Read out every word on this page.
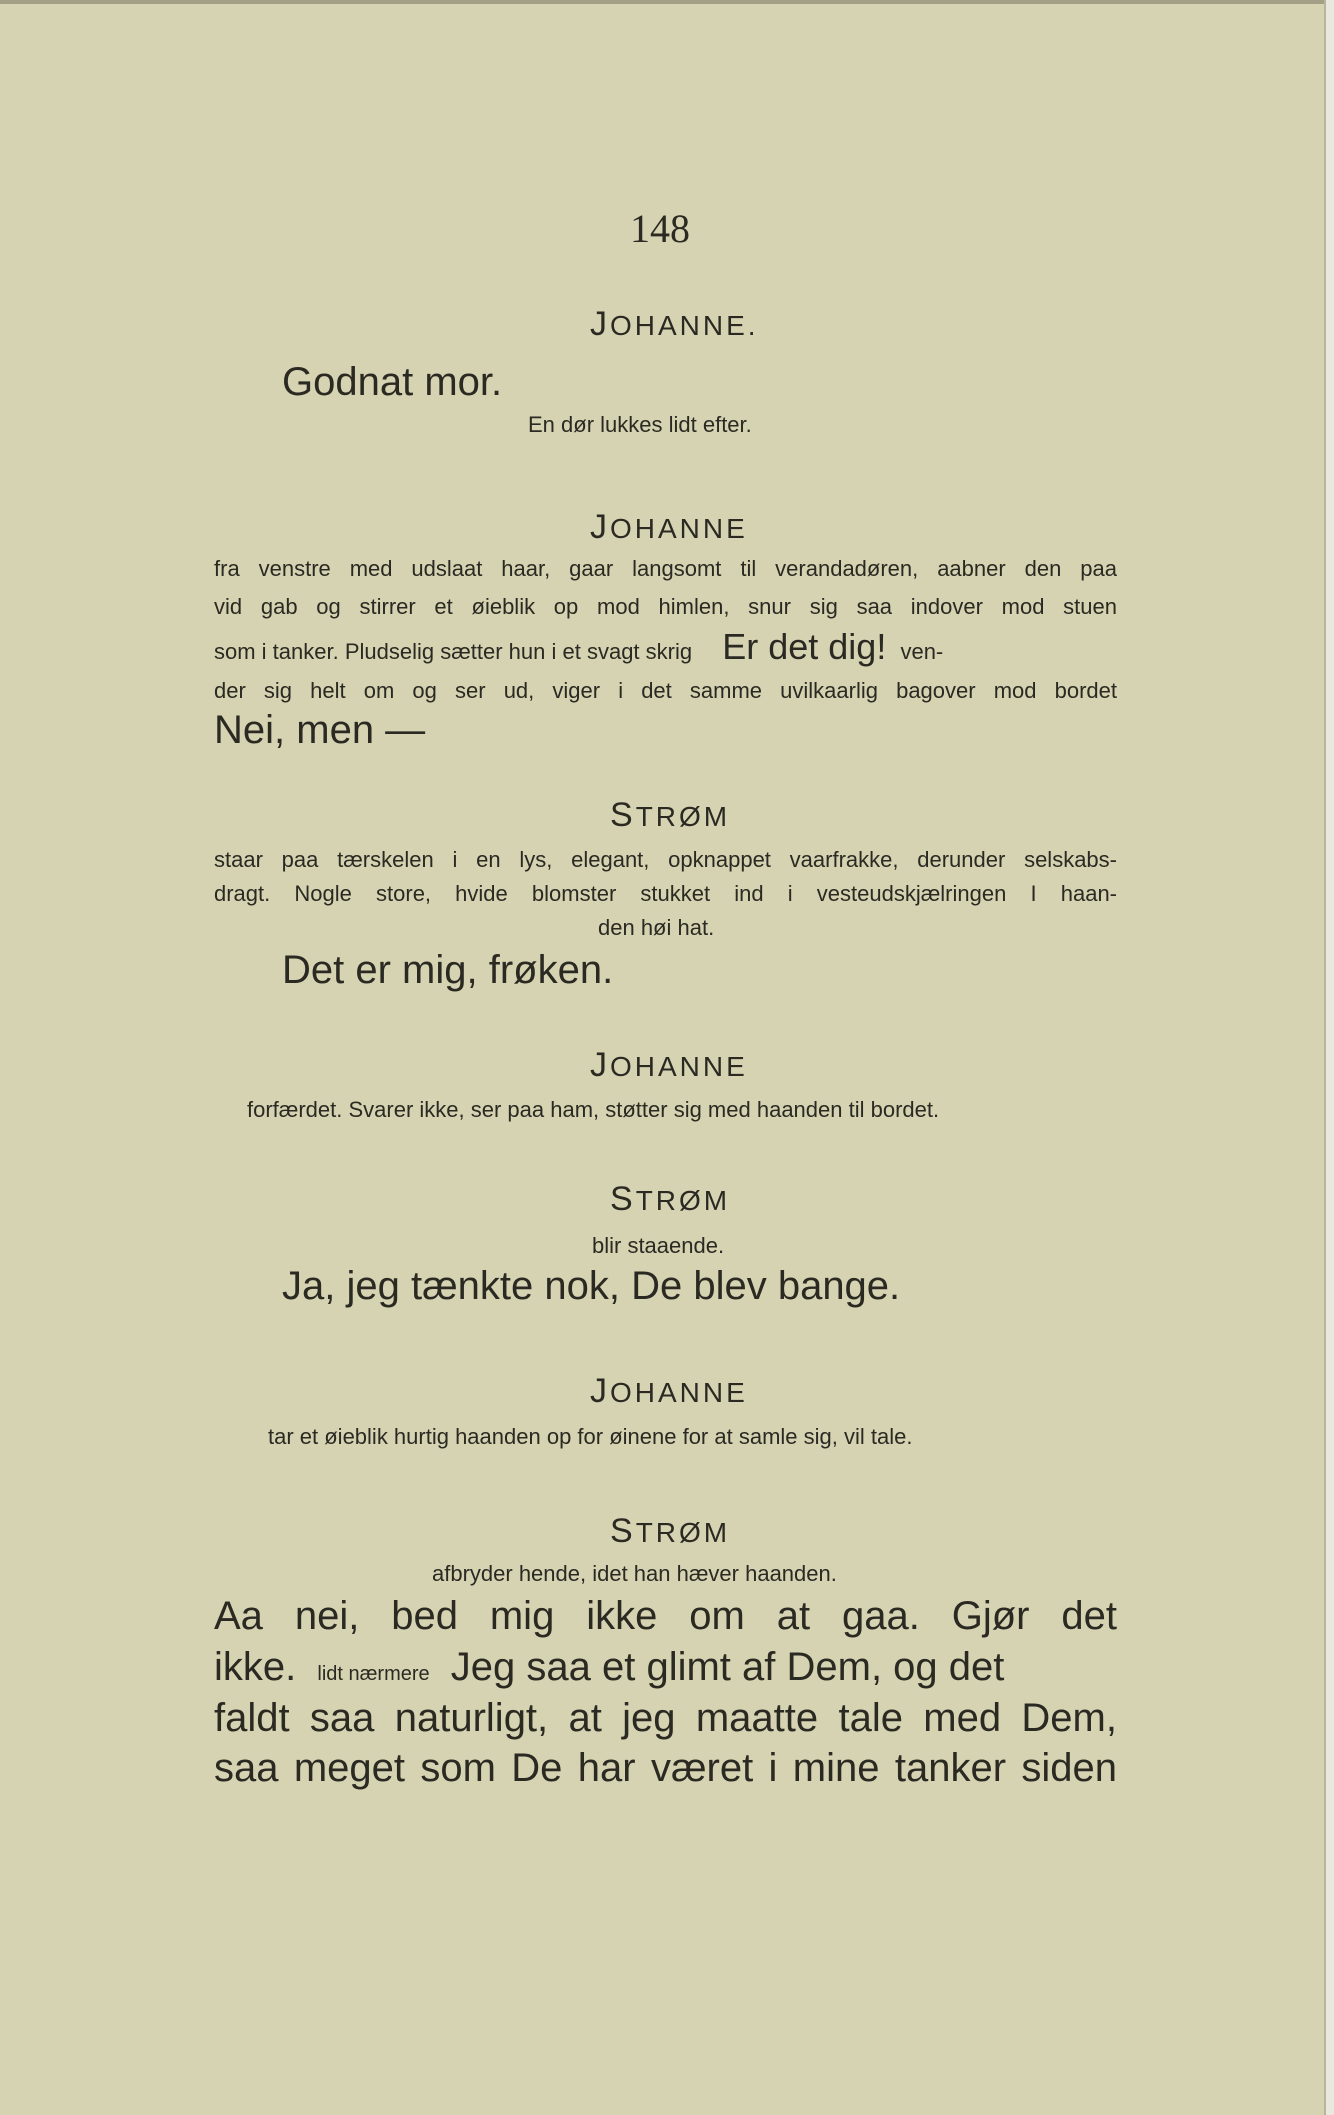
148
JOHANNE.
Godnat mor.
En dør lukkes lidt efter.
JOHANNE
fra venstre med udslaat haar, gaar langsomt til verandadøren, aabner den paa
vid gab og stirrer et øieblik op mod himlen, snur sig saa indover mod stuen
som i tanker. Pludselig sætter hun i et svagt skrig Er det dig! ven-
der sig helt om og ser ud, viger i det samme uvilkaarlig bagover mod bordet
Nei, men —
STRØM
staar paa tærskelen i en lys, elegant, opknappet vaarfrakke, derunder selskabs-
dragt. Nogle store, hvide blomster stukket ind i vesteudskjælringen I haan-
den høi hat.
Det er mig, frøken.
JOHANNE
forfærdet. Svarer ikke, ser paa ham, støtter sig med haanden til bordet.
STRØM
blir staaende.
Ja, jeg tænkte nok, De blev bange.
JOHANNE
tar et øieblik hurtig haanden op for øinene for at samle sig, vil tale.
STRØM
afbryder hende, idet han hæver haanden.
Aa nei, bed mig ikke om at gaa. Gjør det
ikke. lidt nærmere Jeg saa et glimt af Dem, og det
faldt saa naturligt, at jeg maatte tale med Dem,
saa meget som De har været i mine tanker siden
